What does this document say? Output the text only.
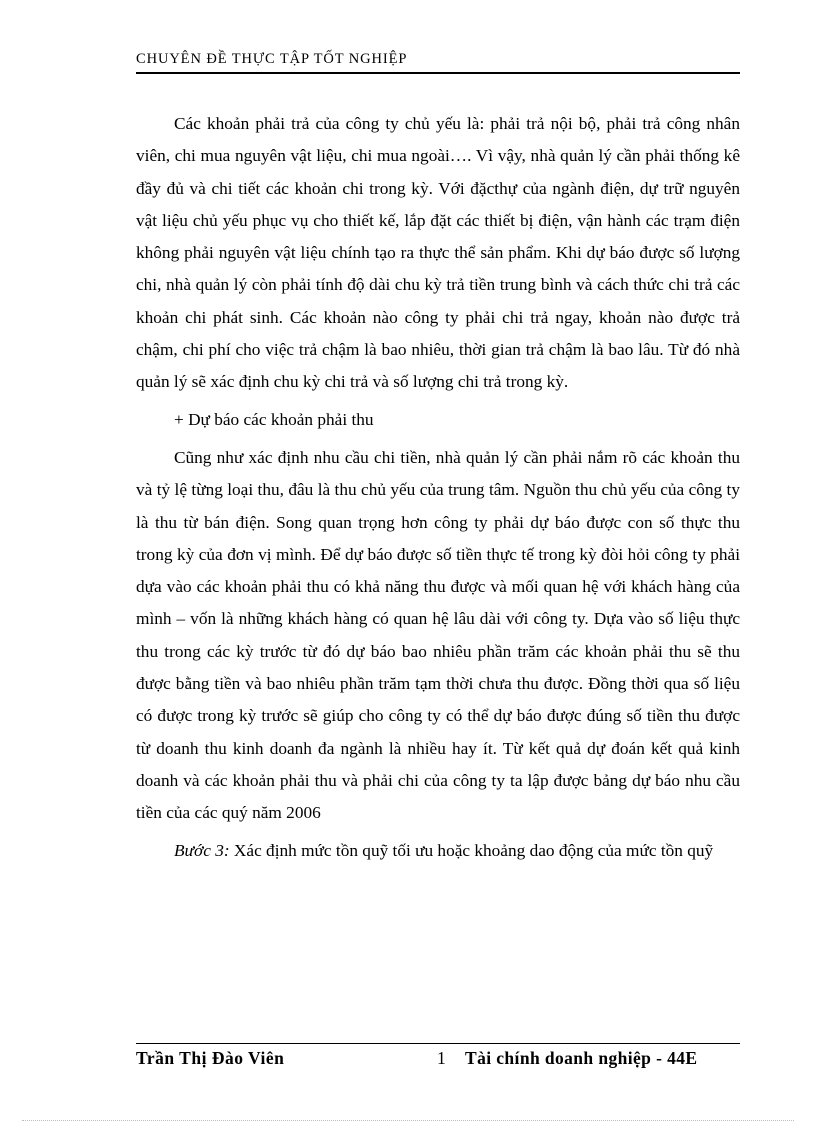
CHUYÊN ĐỀ THỰC TẬP TỐT NGHIỆP

Các khoản phải trả của công ty chủ yếu là: phải trả nội bộ, phải trả công nhân viên, chi mua nguyên vật liệu, chi mua ngoài…. Vì vậy, nhà quản lý cần phải thống kê đầy đủ và chi tiết các khoản chi trong kỳ. Với đặcthự của ngành điện, dự trữ nguyên vật liệu chủ yếu phục vụ cho thiết kế, lắp đặt các thiết bị điện, vận hành các trạm điện không phải nguyên vật liệu chính tạo ra thực thể sản phẩm. Khi dự báo được số lượng chi, nhà quản lý còn phải tính độ dài chu kỳ trả tiền trung bình và cách thức chi trả các khoản chi phát sinh. Các khoản nào công ty phải chi trả ngay, khoản nào được trả chậm, chi phí cho việc trả chậm là bao nhiêu, thời gian trả chậm là bao lâu. Từ đó nhà quản lý sẽ xác định chu kỳ chi trả và số lượng chi trả trong kỳ.

+ Dự báo các khoản phải thu

Cũng như xác định nhu cầu chi tiền, nhà quản lý cần phải nắm rõ các khoản thu và tỷ lệ từng loại thu, đâu là thu chủ yếu của trung tâm. Nguồn thu chủ yếu của công ty là thu từ bán điện. Song quan trọng hơn công ty phải dự báo được con số thực thu trong kỳ của đơn vị mình. Để dự báo được số tiền thực tế trong kỳ đòi hỏi công ty phải dựa vào các khoản phải thu có khả năng thu được và mối quan hệ với khách hàng của mình – vốn là những khách hàng có quan hệ lâu dài với công ty. Dựa vào số liệu thực thu trong các kỳ trước từ đó dự báo bao nhiêu phần trăm các khoản phải thu sẽ thu được bằng tiền và bao nhiêu phần trăm tạm thời chưa thu được. Đồng thời qua số liệu có được trong kỳ trước sẽ giúp cho công ty có thể dự báo được đúng số tiền thu được từ doanh thu kinh doanh đa ngành là nhiều hay ít. Từ kết quả dự đoán kết quả kinh doanh và các khoản phải thu và phải chi của công ty ta lập được bảng dự báo nhu cầu tiền của các quý năm 2006

Bước 3: Xác định mức tồn quỹ tối ưu hoặc khoảng dao động của mức tồn quỹ

Trần Thị Đào Viên	1 Tài chính doanh nghiệp - 44E
